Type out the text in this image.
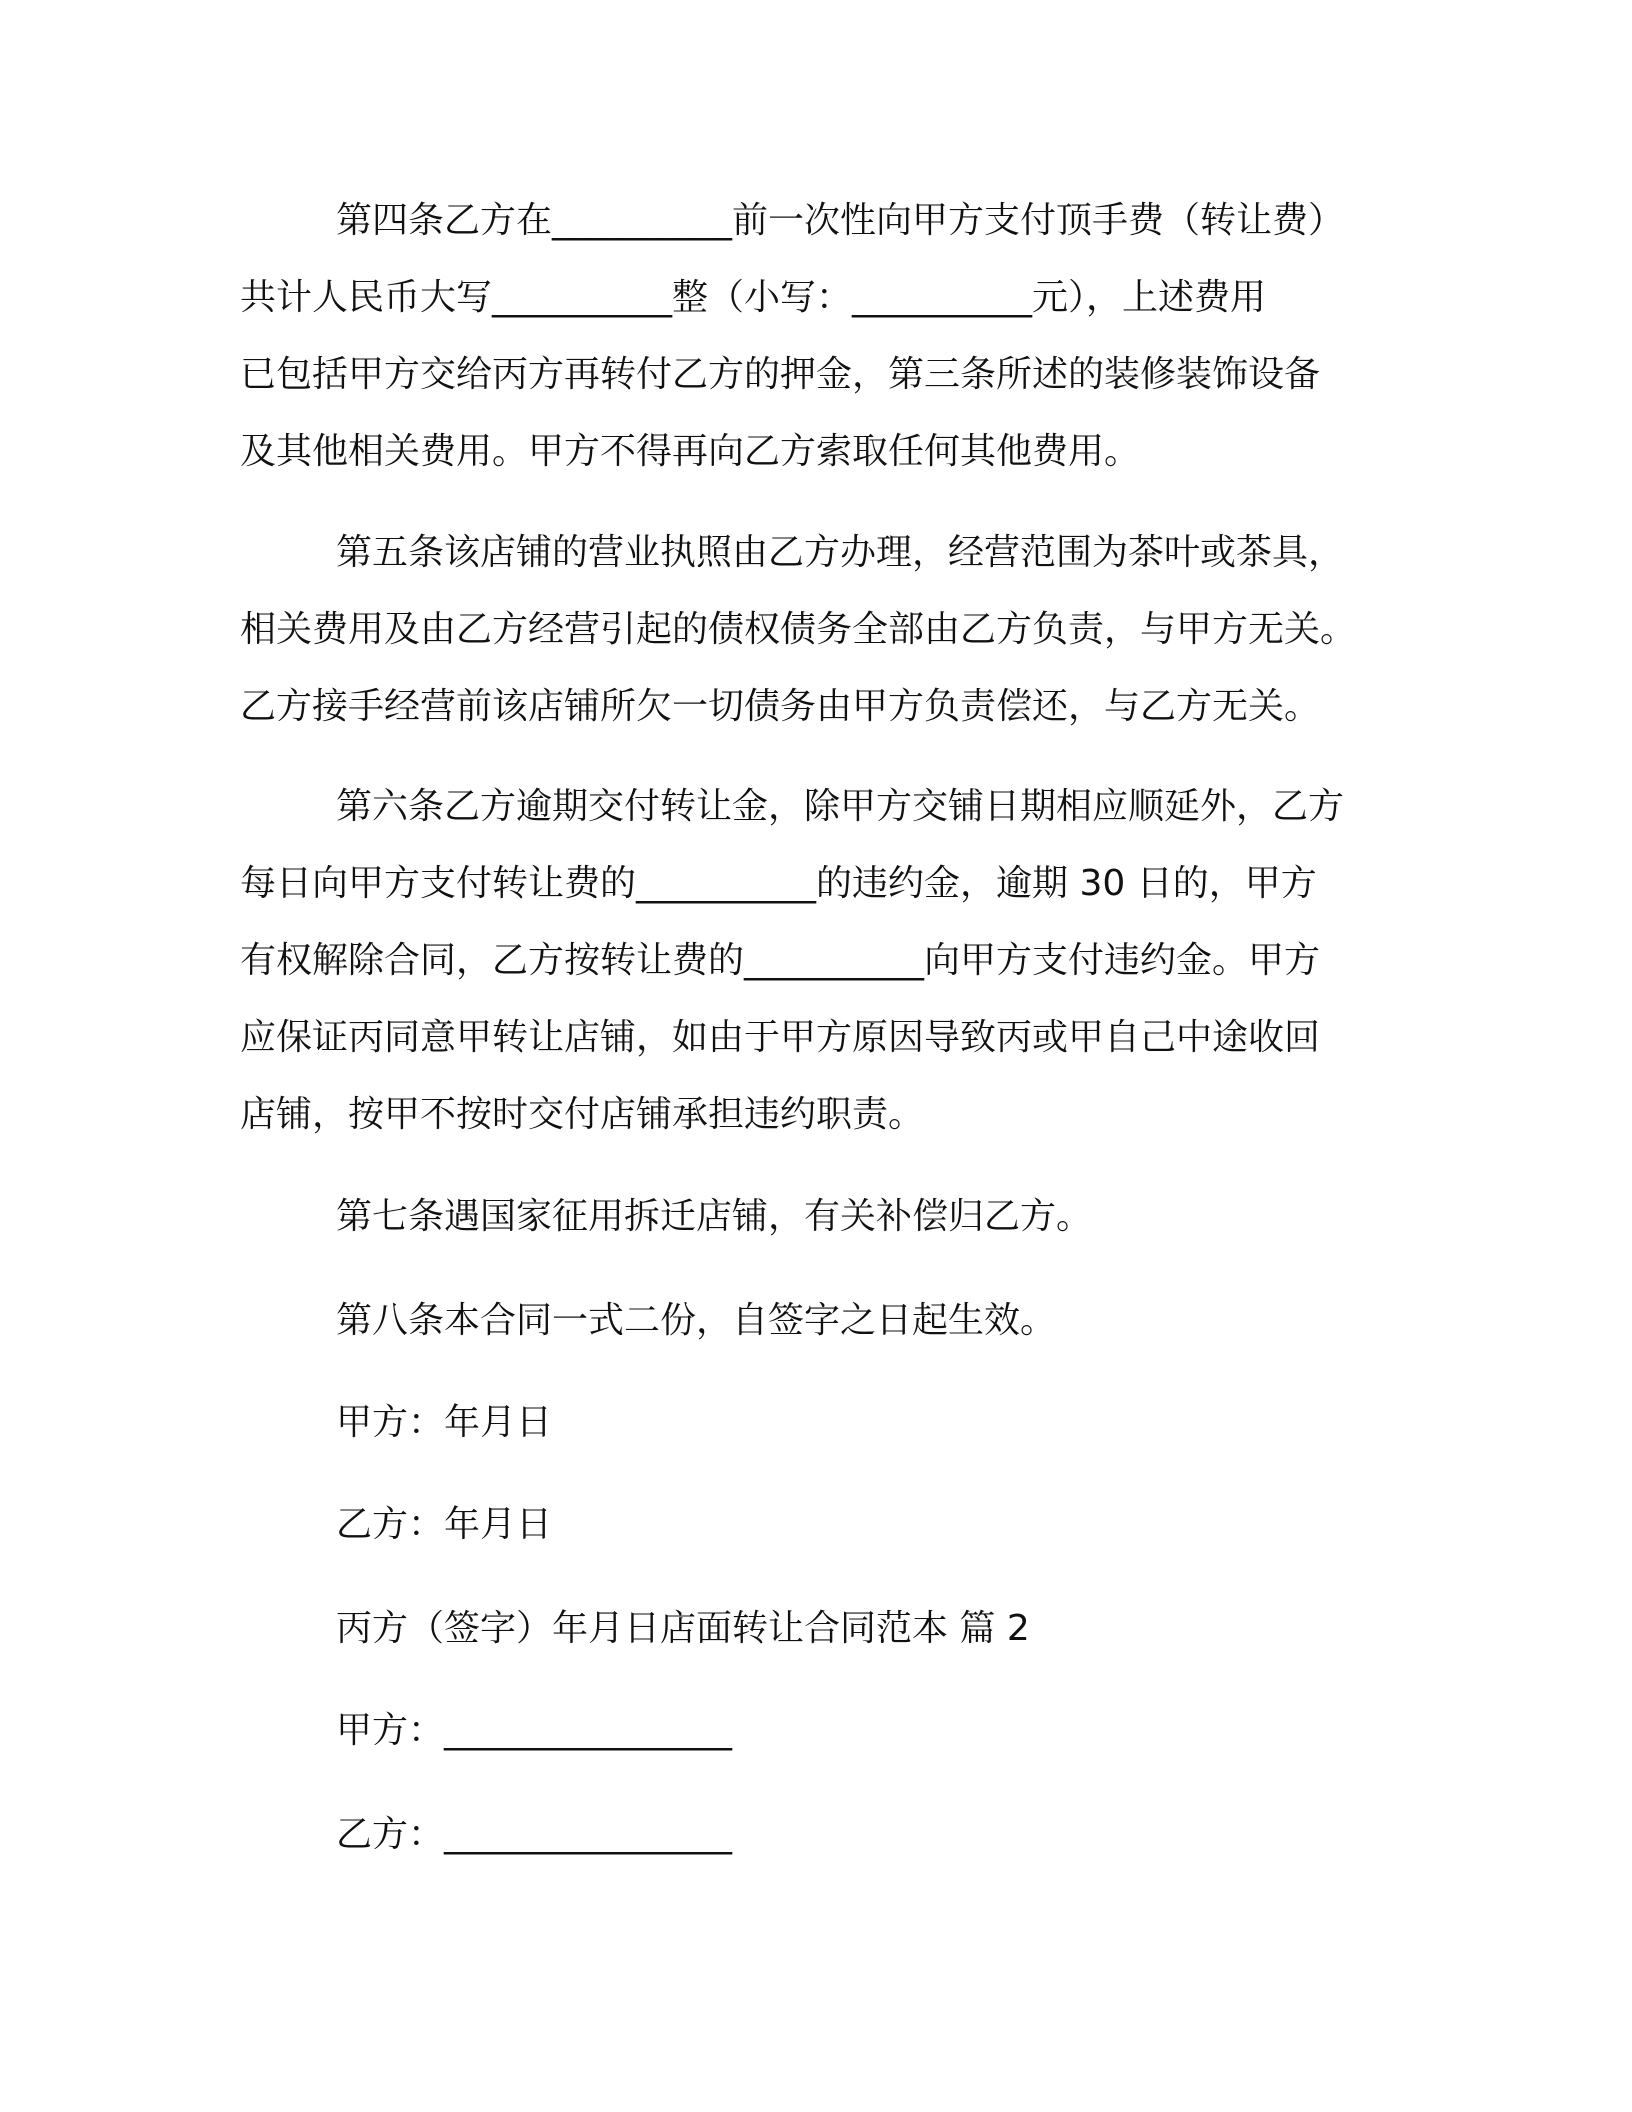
第四条乙方在__________前一次性向甲方支付顶手费（转让费）
共计人民币大写__________整（小写：__________元），上述费用
已包括甲方交给丙方再转付乙方的押金，第三条所述的装修装饰设备
及其他相关费用。甲方不得再向乙方索取任何其他费用。
第五条该店铺的营业执照由乙方办理，经营范围为茶叶或茶具，
相关费用及由乙方经营引起的债权债务全部由乙方负责，与甲方无关。
乙方接手经营前该店铺所欠一切债务由甲方负责偿还，与乙方无关。
第六条乙方逾期交付转让金，除甲方交铺日期相应顺延外，乙方
每日向甲方支付转让费的__________的违约金，逾期 30 日的，甲方
有权解除合同，乙方按转让费的__________向甲方支付违约金。甲方
应保证丙同意甲转让店铺，如由于甲方原因导致丙或甲自己中途收回
店铺，按甲不按时交付店铺承担违约职责。
第七条遇国家征用拆迁店铺，有关补偿归乙方。
第八条本合同一式二份，自签字之日起生效。
甲方：年月日
乙方：年月日
丙方（签字）年月日店面转让合同范本 篇 2
甲方：________________
乙方：________________
